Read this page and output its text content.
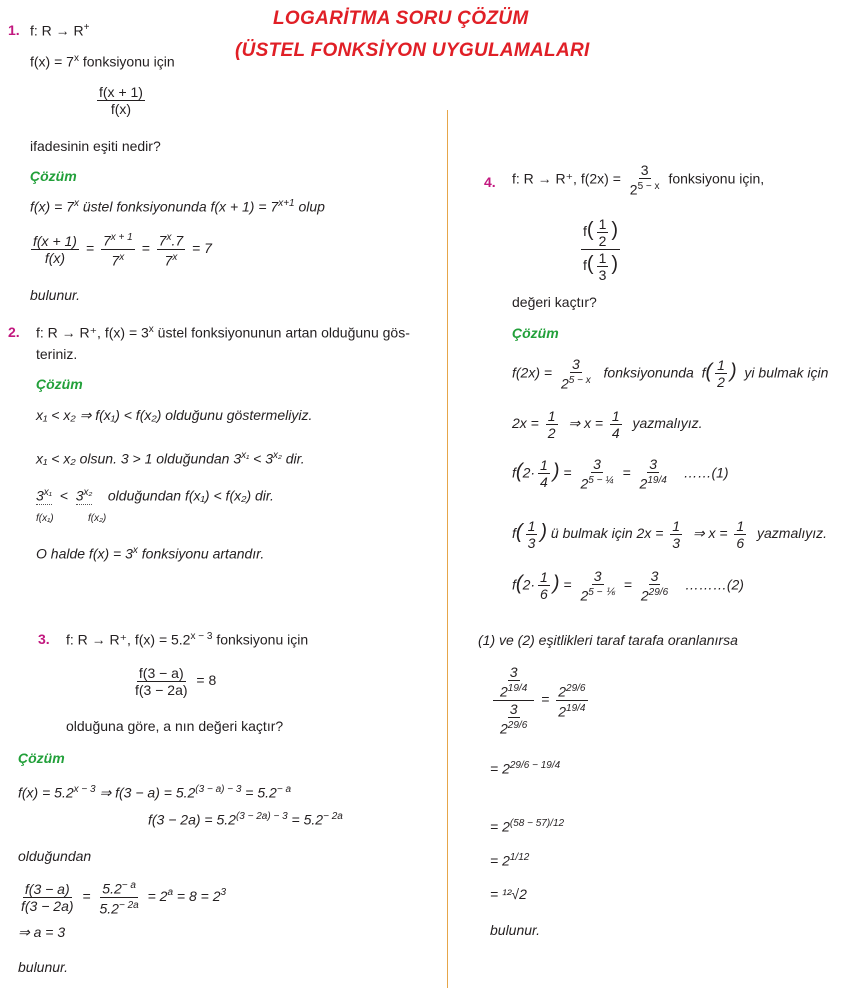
LOGARİTMA SORU ÇÖZÜM
(ÜSTEL FONKSİYON UYGULAMALARI
1. f: R → R+
$f(x) = 7^x$ fonksiyonu için
$\frac{f(x + 1)}{f(x)}$
ifadesinin eşiti nedir?
Çözüm
$f(x) = 7^x$ üstel fonksiyonunda $f(x + 1) = 7^{x+1}$ olup
$\frac{f(x + 1)}{f(x)} = \frac{7^{x + 1}}{7^x} = \frac{7^x.7}{7^x} = 7$
bulunur.
2. f: R → R⁺, $f(x) = 3^x$ üstel fonksiyonunun artan olduğunu gös-
teriniz.
Çözüm
x₁ < x₂ ⇒ f(x₁) < f(x₂) olduğunu göstermeliyiz.
x₁ < x₂ olsun. 3 > 1 olduğundan $3^{x_1} < 3^{x_2}$ dir.
$3^{x_1} < 3^{x_2}$ olduğundan f(x₁) < f(x₂) dir.
f(x₁)	f(x₂)
O halde $f(x) = 3^x$ fonksiyonu artandır.
3. f: R → R⁺, $f(x) = 5.2^{x - 3}$ fonksiyonu için
$\frac{f(3 - a)}{f(3 - 2a)} = 8$
olduğuna göre, a nın değeri kaçtır?
Çözüm
$f(x) = 5.2^{x - 3}$ ⇒ $f(3 - a) = 5.2^{(3 - a) - 3} = 5.2^{- a}$
$f(3 - 2a) = 5.2^{(3 - 2a) - 3} = 5.2^{- 2a}$
olduğundan
$\frac{f(3 - a)}{f(3 - 2a)} = \frac{5.2^{- a}}{5.2^{- 2a}} = 2^a = 8 = 2^3$
⇒ a = 3
bulunur.
4. f: R → R⁺, $f(2x) = \frac{3}{2^{5 - x}}$ fonksiyonu için,
$\frac{f( \frac{1}{2} )}{f( \frac{1}{3} )}$
değeri kaçtır?
Çözüm
$f(2x) = \frac{3}{2^{5 - x}}$ fonksiyonunda  $f( \frac{1}{2}$ ) yi bulmak için
$2x = \frac{1}{2}$ ⇒ $x = \frac{1}{4}$ yazmalıyız.
$f(2\cdot \frac{1}{4}$ ) = $\frac{3}{2^{5 - \frac{1}{4}}} = \frac{3}{2^{19/4}}$ ……(1)
$f( \frac{1}{3}$ ) ü bulmak için $2x = \frac{1}{3}$ ⇒ $x = \frac{1}{6}$ yazmalıyız.
$f(2\cdot \frac{1}{6}$ ) = $\frac{3}{2^{5 - \frac{1}{6}}} = \frac{3}{2^{29/6}}$ ………(2)
(1) ve (2) eşitlikleri taraf tarafa oranlanırsa
$\frac{\frac{3}{2^{19/4}}}{\frac{3}{2^{29/6}}} = \frac{2^{29/6}}{2^{19/4}}$
= $2^{29/6 - 19/4}$
= $2^{(58 - 57)/12}$
= $2^{1/12}$
= ¹²√2
bulunur.
